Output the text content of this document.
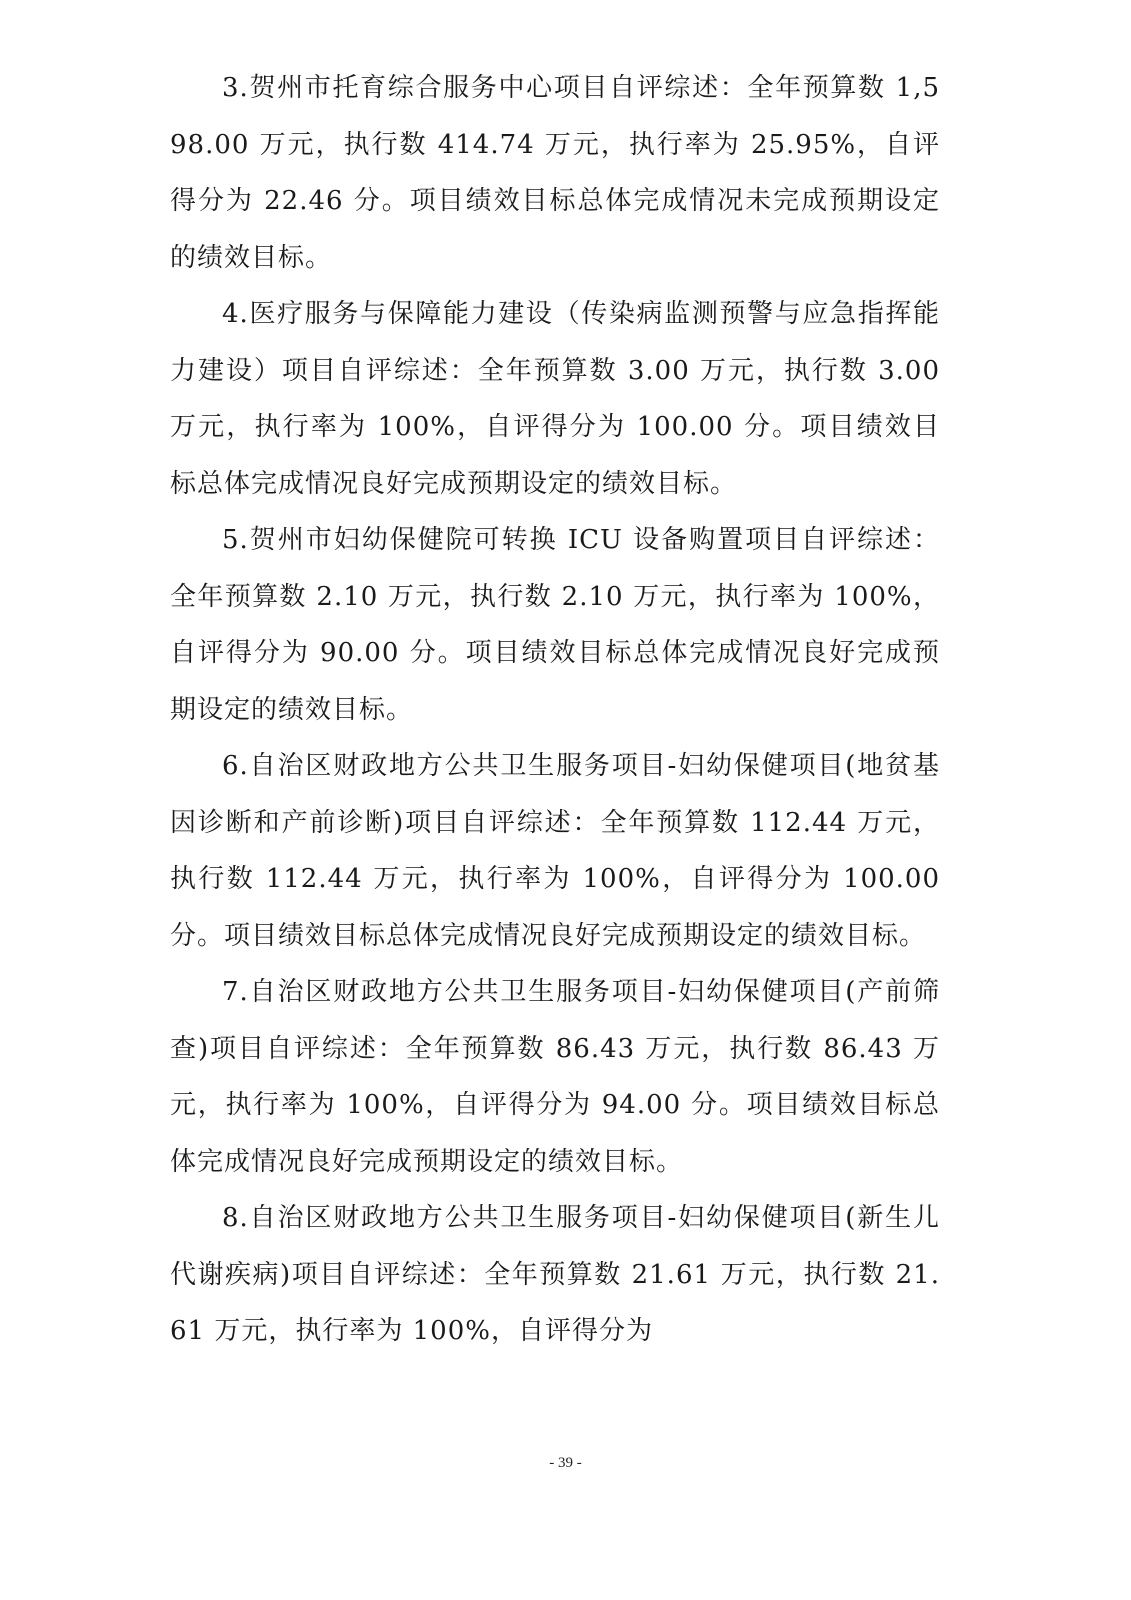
3.贺州市托育综合服务中心项目自评综述：全年预算数 1,598.00 万元，执行数 414.74 万元，执行率为 25.95%，自评得分为 22.46 分。项目绩效目标总体完成情况未完成预期设定的绩效目标。

4.医疗服务与保障能力建设（传染病监测预警与应急指挥能力建设）项目自评综述：全年预算数 3.00 万元，执行数 3.00 万元，执行率为 100%，自评得分为 100.00 分。项目绩效目标总体完成情况良好完成预期设定的绩效目标。

5.贺州市妇幼保健院可转换 ICU 设备购置项目自评综述：全年预算数 2.10 万元，执行数 2.10 万元，执行率为 100%，自评得分为 90.00 分。项目绩效目标总体完成情况良好完成预期设定的绩效目标。

6.自治区财政地方公共卫生服务项目-妇幼保健项目(地贫基因诊断和产前诊断)项目自评综述：全年预算数 112.44 万元，执行数 112.44 万元，执行率为 100%，自评得分为 100.00 分。项目绩效目标总体完成情况良好完成预期设定的绩效目标。

7.自治区财政地方公共卫生服务项目-妇幼保健项目(产前筛查)项目自评综述：全年预算数 86.43 万元，执行数 86.43 万元，执行率为 100%，自评得分为 94.00 分。项目绩效目标总体完成情况良好完成预期设定的绩效目标。

8.自治区财政地方公共卫生服务项目-妇幼保健项目(新生儿代谢疾病)项目自评综述：全年预算数 21.61 万元，执行数 21.61 万元，执行率为 100%，自评得分为

- 39 -
